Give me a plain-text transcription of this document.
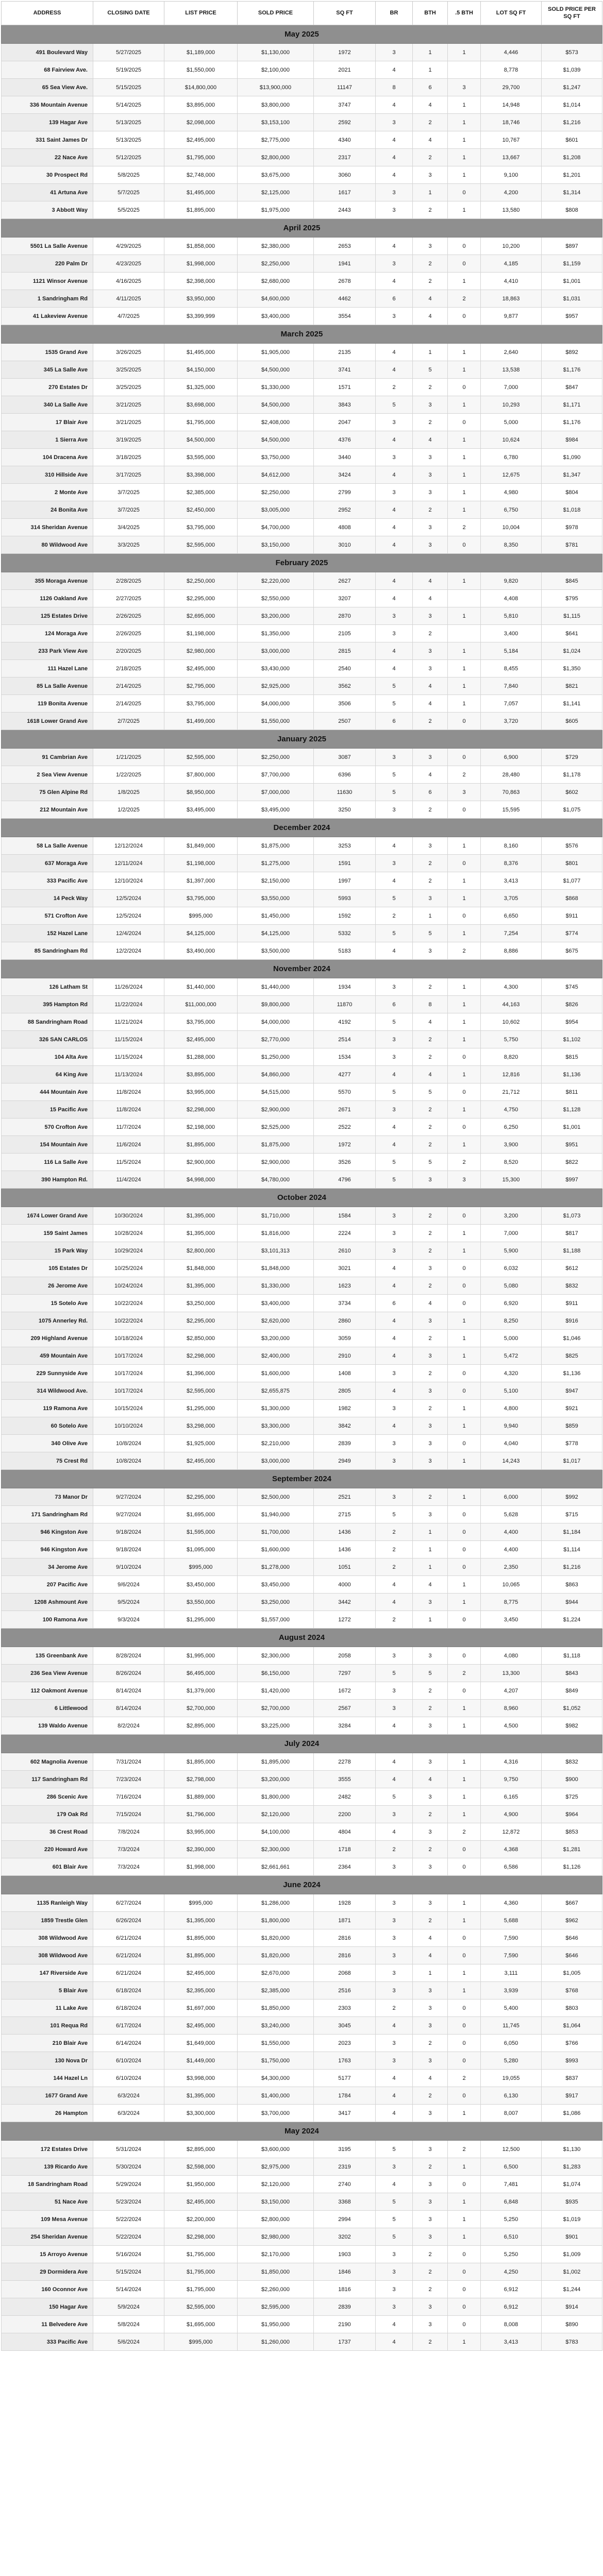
ADDRESS	CLOSING DATE	LIST PRICE	SOLD PRICE	SQ FT	BR	BTH	.5 BTH	LOT SQ FT	SOLD PRICE PER SQ FT
May 2025									
491 Boulevard Way	5/27/2025	$1,189,000	$1,130,000	1972	3	1	1	4,446	$573
68 Fairview Ave.	5/19/2025	$1,550,000	$2,100,000	2021	4	1		8,778	$1,039
65 Sea View Ave.	5/15/2025	$14,800,000	$13,900,000	11147	8	6	3	29,700	$1,247
336 Mountain Avenue	5/14/2025	$3,895,000	$3,800,000	3747	4	4	1	14,948	$1,014
139 Hagar Ave	5/13/2025	$2,098,000	$3,153,100	2592	3	2	1	18,746	$1,216
331 Saint James Dr	5/13/2025	$2,495,000	$2,775,000	4340	4	4	1	10,767	$601
22 Nace Ave	5/12/2025	$1,795,000	$2,800,000	2317	4	2	1	13,667	$1,208
30 Prospect Rd	5/8/2025	$2,748,000	$3,675,000	3060	4	3	1	9,100	$1,201
41 Artuna Ave	5/7/2025	$1,495,000	$2,125,000	1617	3	1	0	4,200	$1,314
3 Abbott Way	5/5/2025	$1,895,000	$1,975,000	2443	3	2	1	13,580	$808
April 2025									
5501 La Salle Avenue	4/29/2025	$1,858,000	$2,380,000	2653	4	3	0	10,200	$897
220 Palm Dr	4/23/2025	$1,998,000	$2,250,000	1941	3	2	0	4,185	$1,159
1121 Winsor Avenue	4/16/2025	$2,398,000	$2,680,000	2678	4	2	1	4,410	$1,001
1 Sandringham Rd	4/11/2025	$3,950,000	$4,600,000	4462	6	4	2	18,863	$1,031
41 Lakeview Avenue	4/7/2025	$3,399,999	$3,400,000	3554	3	4	0	9,877	$957
March 2025									
1535 Grand Ave	3/26/2025	$1,495,000	$1,905,000	2135	4	1	1	2,640	$892
345 La Salle Ave	3/25/2025	$4,150,000	$4,500,000	3741	4	5	1	13,538	$1,176
270 Estates Dr	3/25/2025	$1,325,000	$1,330,000	1571	2	2	0	7,000	$847
340 La Salle Ave	3/21/2025	$3,698,000	$4,500,000	3843	5	3	1	10,293	$1,171
17 Blair Ave	3/21/2025	$1,795,000	$2,408,000	2047	3	2	0	5,000	$1,176
1 Sierra Ave	3/19/2025	$4,500,000	$4,500,000	4376	4	4	1	10,624	$984
104 Dracena Ave	3/18/2025	$3,595,000	$3,750,000	3440	3	3	1	6,780	$1,090
310 Hillside Ave	3/17/2025	$3,398,000	$4,612,000	3424	4	3	1	12,675	$1,347
2 Monte Ave	3/7/2025	$2,385,000	$2,250,000	2799	3	3	1	4,980	$804
24 Bonita Ave	3/7/2025	$2,450,000	$3,005,000	2952	4	2	1	6,750	$1,018
314 Sheridan Avenue	3/4/2025	$3,795,000	$4,700,000	4808	4	3	2	10,004	$978
80 Wildwood Ave	3/3/2025	$2,595,000	$3,150,000	3010	4	3	0	8,350	$781
February 2025									
355 Moraga Avenue	2/28/2025	$2,250,000	$2,220,000	2627	4	4	1	9,820	$845
1126 Oakland Ave	2/27/2025	$2,295,000	$2,550,000	3207	4	4		4,408	$795
125 Estates Drive	2/26/2025	$2,695,000	$3,200,000	2870	3	3	1	5,810	$1,115
124 Moraga Ave	2/26/2025	$1,198,000	$1,350,000	2105	3	2		3,400	$641
233 Park View Ave	2/20/2025	$2,980,000	$3,000,000	2815	4	3	1	5,184	$1,024
111 Hazel Lane	2/18/2025	$2,495,000	$3,430,000	2540	4	3	1	8,455	$1,350
85 La Salle Avenue	2/14/2025	$2,795,000	$2,925,000	3562	5	4	1	7,840	$821
119 Bonita Avenue	2/14/2025	$3,795,000	$4,000,000	3506	5	4	1	7,057	$1,141
1618 Lower Grand Ave	2/7/2025	$1,499,000	$1,550,000	2507	6	2	0	3,720	$605
January 2025									
91 Cambrian Ave	1/21/2025	$2,595,000	$2,250,000	3087	3	3	0	6,900	$729
2 Sea View Avenue	1/22/2025	$7,800,000	$7,700,000	6396	5	4	2	28,480	$1,178
75 Glen Alpine Rd	1/8/2025	$8,950,000	$7,000,000	11630	5	6	3	70,863	$602
212 Mountain Ave	1/2/2025	$3,495,000	$3,495,000	3250	3	2	0	15,595	$1,075
December 2024									
58 La Salle Avenue	12/12/2024	$1,849,000	$1,875,000	3253	4	3	1	8,160	$576
637 Moraga Ave	12/11/2024	$1,198,000	$1,275,000	1591	3	2	0	8,376	$801
333 Pacific Ave	12/10/2024	$1,397,000	$2,150,000	1997	4	2	1	3,413	$1,077
14 Peck Way	12/5/2024	$3,795,000	$3,550,000	5993	5	3	1	3,705	$868
571 Crofton Ave	12/5/2024	$995,000	$1,450,000	1592	2	1	0	6,650	$911
152 Hazel Lane	12/4/2024	$4,125,000	$4,125,000	5332	5	5	1	7,254	$774
85 Sandringham Rd	12/2/2024	$3,490,000	$3,500,000	5183	4	3	2	8,886	$675
November 2024									
126 Latham St	11/26/2024	$1,440,000	$1,440,000	1934	3	2	1	4,300	$745
395 Hampton Rd	11/22/2024	$11,000,000	$9,800,000	11870	6	8	1	44,163	$826
88 Sandringham Road	11/21/2024	$3,795,000	$4,000,000	4192	5	4	1	10,602	$954
326 SAN CARLOS	11/15/2024	$2,495,000	$2,770,000	2514	3	2	1	5,750	$1,102
104 Alta Ave	11/15/2024	$1,288,000	$1,250,000	1534	3	2	0	8,820	$815
64 King Ave	11/13/2024	$3,895,000	$4,860,000	4277	4	4	1	12,816	$1,136
444 Mountain Ave	11/8/2024	$3,995,000	$4,515,000	5570	5	5	0	21,712	$811
15 Pacific Ave	11/8/2024	$2,298,000	$2,900,000	2671	3	2	1	4,750	$1,128
570 Crofton Ave	11/7/2024	$2,198,000	$2,525,000	2522	4	2	0	6,250	$1,001
154 Mountain Ave	11/6/2024	$1,895,000	$1,875,000	1972	4	2	1	3,900	$951
116 La Salle Ave	11/5/2024	$2,900,000	$2,900,000	3526	5	5	2	8,520	$822
390 Hampton Rd.	11/4/2024	$4,998,000	$4,780,000	4796	5	3	3	15,300	$997
October 2024									
1674 Lower Grand Ave	10/30/2024	$1,395,000	$1,710,000	1584	3	2	0	3,200	$1,073
159 Saint James	10/28/2024	$1,395,000	$1,816,000	2224	3	2	1	7,000	$817
15 Park Way	10/29/2024	$2,800,000	$3,101,313	2610	3	2	1	5,900	$1,188
105 Estates Dr	10/25/2024	$1,848,000	$1,848,000	3021	4	3	0	6,032	$612
26 Jerome Ave	10/24/2024	$1,395,000	$1,330,000	1623	4	2	0	5,080	$832
15 Sotelo Ave	10/22/2024	$3,250,000	$3,400,000	3734	6	4	0	6,920	$911
1075 Annerley Rd.	10/22/2024	$2,295,000	$2,620,000	2860	4	3	1	8,250	$916
209 Highland Avenue	10/18/2024	$2,850,000	$3,200,000	3059	4	2	1	5,000	$1,046
459 Mountain Ave	10/17/2024	$2,298,000	$2,400,000	2910	4	3	1	5,472	$825
229 Sunnyside Ave	10/17/2024	$1,396,000	$1,600,000	1408	3	2	0	4,320	$1,136
314 Wildwood Ave.	10/17/2024	$2,595,000	$2,655,875	2805	4	3	0	5,100	$947
119 Ramona Ave	10/15/2024	$1,295,000	$1,300,000	1982	3	2	1	4,800	$921
60 Sotelo Ave	10/10/2024	$3,298,000	$3,300,000	3842	4	3	1	9,940	$859
340 Olive Ave	10/8/2024	$1,925,000	$2,210,000	2839	3	3	0	4,040	$778
75 Crest Rd	10/8/2024	$2,495,000	$3,000,000	2949	3	3	1	14,243	$1,017
September 2024									
73 Manor Dr	9/27/2024	$2,295,000	$2,500,000	2521	3	2	1	6,000	$992
171 Sandringham Rd	9/27/2024	$1,695,000	$1,940,000	2715	5	3	0	5,628	$715
946 Kingston Ave	9/18/2024	$1,595,000	$1,700,000	1436	2	1	0	4,400	$1,184
946 Kingston Ave	9/18/2024	$1,095,000	$1,600,000	1436	2	1	0	4,400	$1,114
34 Jerome Ave	9/10/2024	$995,000	$1,278,000	1051	2	1	0	2,350	$1,216
207 Pacific Ave	9/6/2024	$3,450,000	$3,450,000	4000	4	4	1	10,065	$863
1208 Ashmount Ave	9/5/2024	$3,550,000	$3,250,000	3442	4	3	1	8,775	$944
100 Ramona Ave	9/3/2024	$1,295,000	$1,557,000	1272	2	1	0	3,450	$1,224
August 2024									
135 Greenbank Ave	8/28/2024	$1,995,000	$2,300,000	2058	3	3	0	4,080	$1,118
236 Sea View Avenue	8/26/2024	$6,495,000	$6,150,000	7297	5	5	2	13,300	$843
112 Oakmont Avenue	8/14/2024	$1,379,000	$1,420,000	1672	3	2	0	4,207	$849
6 Littlewood	8/14/2024	$2,700,000	$2,700,000	2567	3	2	1	8,960	$1,052
139 Waldo Avenue	8/2/2024	$2,895,000	$3,225,000	3284	4	3	1	4,500	$982
July 2024									
602 Magnolia Avenue	7/31/2024	$1,895,000	$1,895,000	2278	4	3	1	4,316	$832
117 Sandringham Rd	7/23/2024	$2,798,000	$3,200,000	3555	4	4	1	9,750	$900
286 Scenic Ave	7/16/2024	$1,889,000	$1,800,000	2482	5	3	1	6,165	$725
179 Oak Rd	7/15/2024	$1,796,000	$2,120,000	2200	3	2	1	4,900	$964
36 Crest Road	7/8/2024	$3,995,000	$4,100,000	4804	4	3	2	12,872	$853
220 Howard Ave	7/3/2024	$2,390,000	$2,300,000	1718	2	2	0	4,368	$1,281
601 Blair Ave	7/3/2024	$1,998,000	$2,661,661	2364	3	3	0	6,586	$1,126
June 2024									
1135 Ranleigh Way	6/27/2024	$995,000	$1,286,000	1928	3	3	1	4,360	$667
1859 Trestle Glen	6/26/2024	$1,395,000	$1,800,000	1871	3	2	1	5,688	$962
308 Wildwood Ave	6/21/2024	$1,895,000	$1,820,000	2816	3	4	0	7,590	$646
308 Wildwood Ave	6/21/2024	$1,895,000	$1,820,000	2816	3	4	0	7,590	$646
147 Riverside Ave	6/21/2024	$2,495,000	$2,670,000	2068	3	1	1	3,111	$1,005
5 Blair Ave	6/18/2024	$2,395,000	$2,385,000	2516	3	3	1	3,939	$768
11 Lake Ave	6/18/2024	$1,697,000	$1,850,000	2303	2	3	0	5,400	$803
101 Requa Rd	6/17/2024	$2,495,000	$3,240,000	3045	4	3	0	11,745	$1,064
210 Blair Ave	6/14/2024	$1,649,000	$1,550,000	2023	3	2	0	6,050	$766
130 Nova Dr	6/10/2024	$1,449,000	$1,750,000	1763	3	3	0	5,280	$993
144 Hazel Ln	6/10/2024	$3,998,000	$4,300,000	5177	4	4	2	19,055	$837
1677 Grand Ave	6/3/2024	$1,395,000	$1,400,000	1784	4	2	0	6,130	$917
26 Hampton	6/3/2024	$3,300,000	$3,700,000	3417	4	3	1	8,007	$1,086
May 2024									
172 Estates Drive	5/31/2024	$2,895,000	$3,600,000	3195	5	3	2	12,500	$1,130
139 Ricardo Ave	5/30/2024	$2,598,000	$2,975,000	2319	3	2	1	6,500	$1,283
18 Sandringham Road	5/29/2024	$1,950,000	$2,120,000	2740	4	3	0	7,481	$1,074
51 Nace Ave	5/23/2024	$2,495,000	$3,150,000	3368	5	3	1	6,848	$935
109 Mesa Avenue	5/22/2024	$2,200,000	$2,800,000	2994	5	3	1	5,250	$1,019
254 Sheridan Avenue	5/22/2024	$2,298,000	$2,980,000	3202	5	3	1	6,510	$901
15 Arroyo Avenue	5/16/2024	$1,795,000	$2,170,000	1903	3	2	0	5,250	$1,009
29 Dormidera Ave	5/15/2024	$1,795,000	$1,850,000	1846	3	2	0	4,250	$1,002
160 Oconnor Ave	5/14/2024	$1,795,000	$2,260,000	1816	3	2	0	6,912	$1,244
150 Hagar Ave	5/9/2024	$2,595,000	$2,595,000	2839	3	3	0	6,912	$914
11 Belvedere Ave	5/8/2024	$1,695,000	$1,950,000	2190	4	3	0	8,008	$890
333 Pacific Ave	5/6/2024	$995,000	$1,260,000	1737	4	2	1	3,413	$783
